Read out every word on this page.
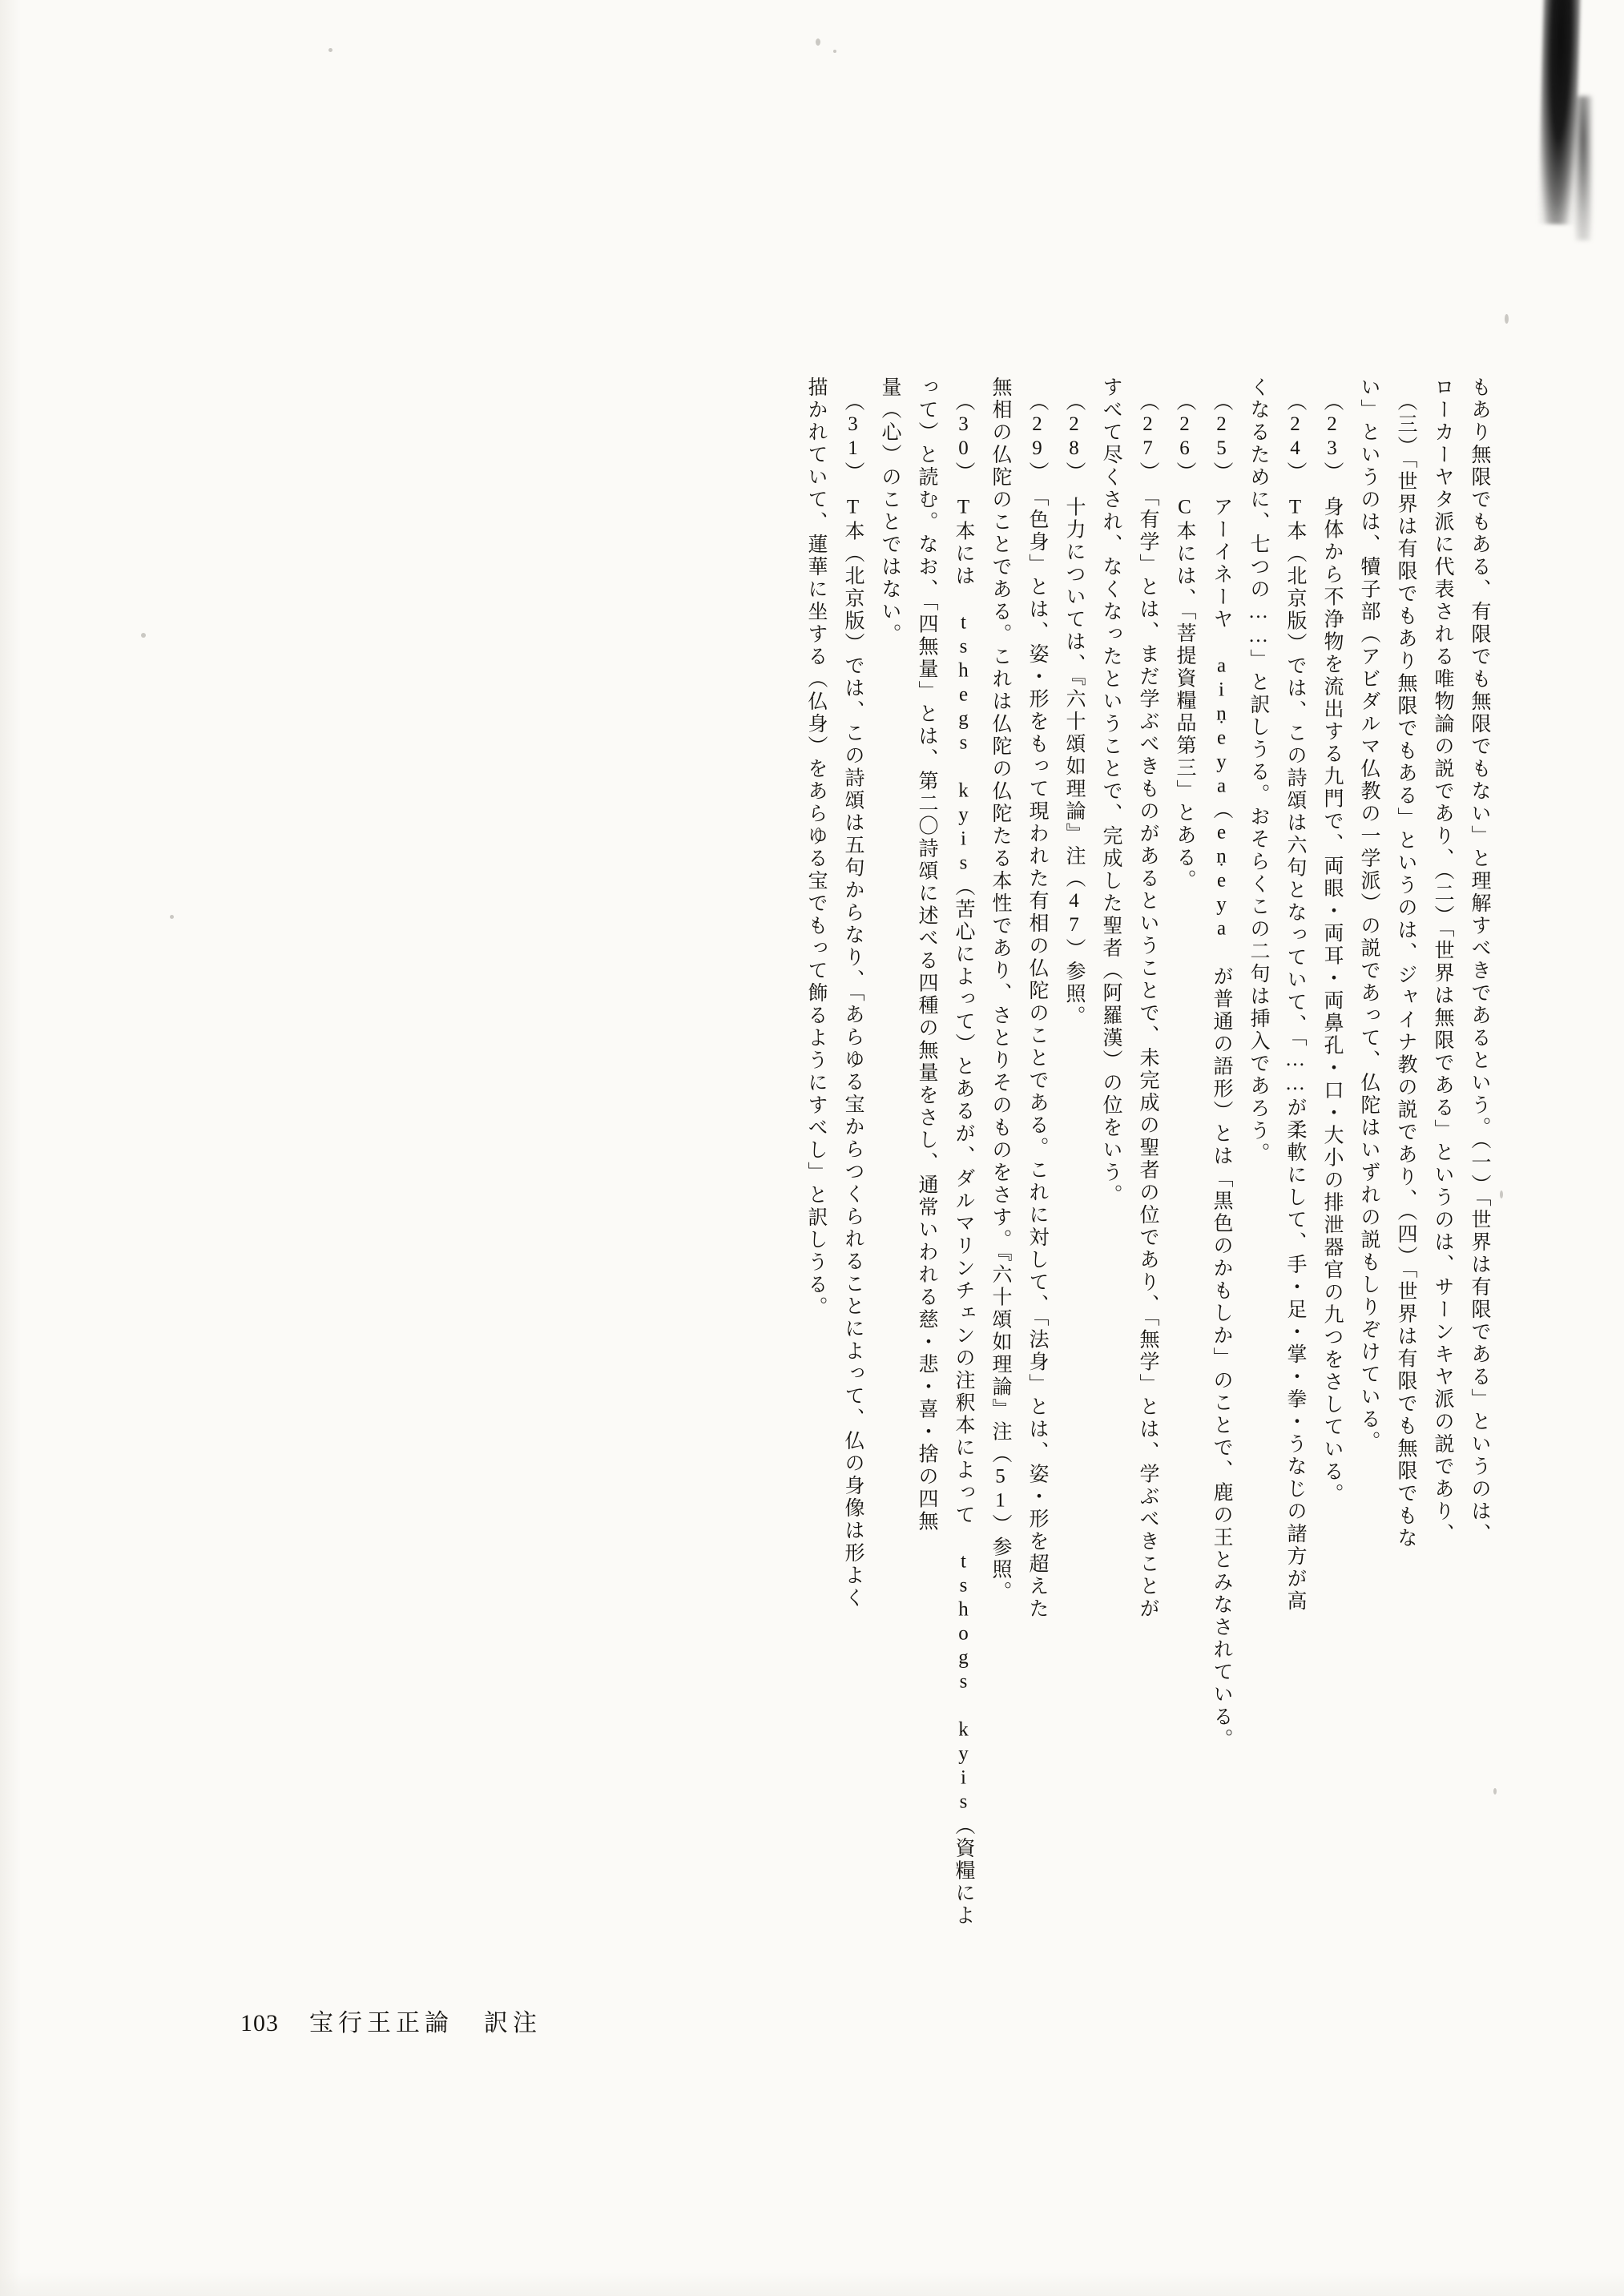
もあり無限でもある、有限でも無限でもない」と理解すべきであるという。（一）「世界は有限である」というのは、
ローカーヤタ派に代表される唯物論の説であり、（二）「世界は無限である」というのは、サーンキヤ派の説であり、
（三）「世界は有限でもあり無限でもある」というのは、ジャイナ教の説であり、（四）「世界は有限でも無限でもな
い」というのは、犢子部（アビダルマ仏教の一学派）の説であって、仏陀はいずれの説もしりぞけている。
（23）　身体から不浄物を流出する九門で、両眼・両耳・両鼻孔・口・大小の排泄器官の九つをさしている。
（24）　T本（北京版）では、この詩頌は六句となっていて、「……が柔軟にして、手・足・掌・拳・うなじの諸方が高
くなるために、七つの……」と訳しうる。おそらくこの二句は挿入であろう。
（25）　アーイネーヤ aiṇeya（eṇeya が普通の語形）とは「黒色のかもしか」のことで、鹿の王とみなされている。
（26）　C本には、「菩提資糧品第三」とある。
（27）　「有学」とは、まだ学ぶべきものがあるということで、未完成の聖者の位であり、「無学」とは、学ぶべきことが
すべて尽くされ、なくなったということで、完成した聖者（阿羅漢）の位をいう。
（28）　十力については、『六十頌如理論』注（47）参照。
（29）　「色身」とは、姿・形をもって現われた有相の仏陀のことである。これに対して、「法身」とは、姿・形を超えた
無相の仏陀のことである。これは仏陀の仏陀たる本性であり、さとりそのものをさす。『六十頌如理論』注（51）参照。
（30）　T本には tshegs kyis（苦心によって）とあるが、ダルマリンチェンの注釈本によって tshogs kyis（資糧によ
って）と読む。なお、「四無量」とは、第二〇詩頌に述べる四種の無量をさし、通常いわれる慈・悲・喜・捨の四無
量（心）のことではない。
（31）　T本（北京版）では、この詩頌は五句からなり、「あらゆる宝からつくられることによって、仏の身像は形よく
描かれていて、蓮華に坐する（仏身）をあらゆる宝でもって飾るようにすべし」と訳しうる。
103 宝行王正論 訳注
